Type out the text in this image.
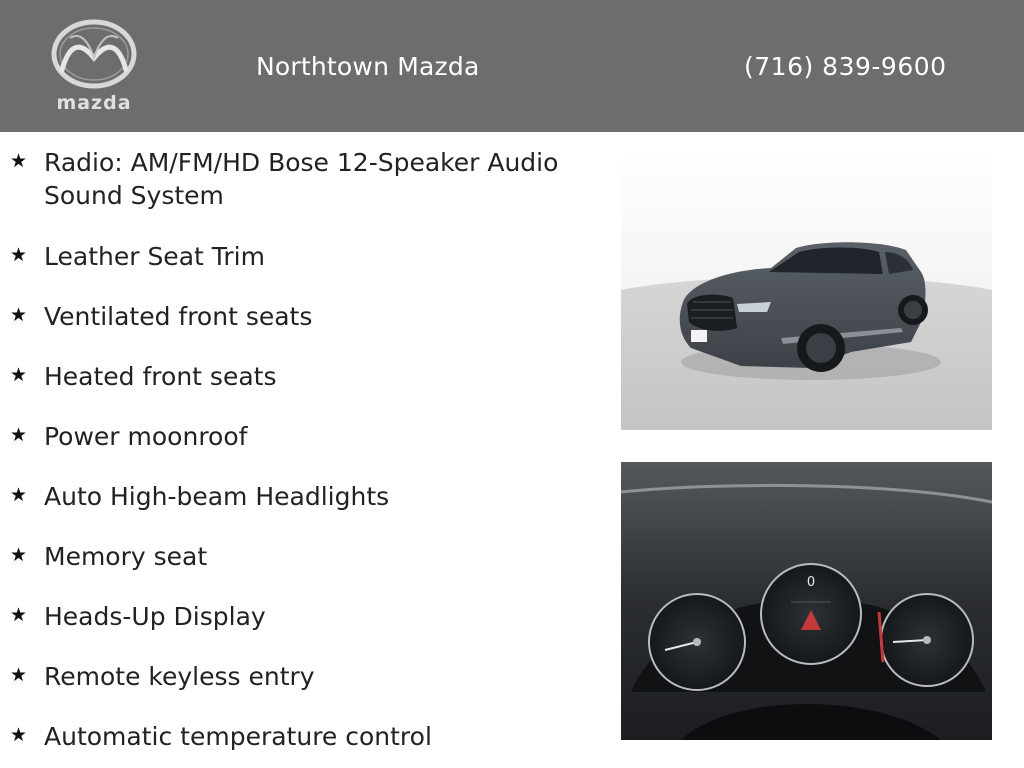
mazda
Northtown Mazda	(716) 839-9600
★ Radio: AM/FM/HD Bose 12-Speaker Audio Sound System
★ Leather Seat Trim
★ Ventilated front seats
★ Heated front seats
★ Power moonroof
★ Auto High-beam Headlights
★ Memory seat
★ Heads-Up Display
★ Remote keyless entry
★ Automatic temperature control
0
